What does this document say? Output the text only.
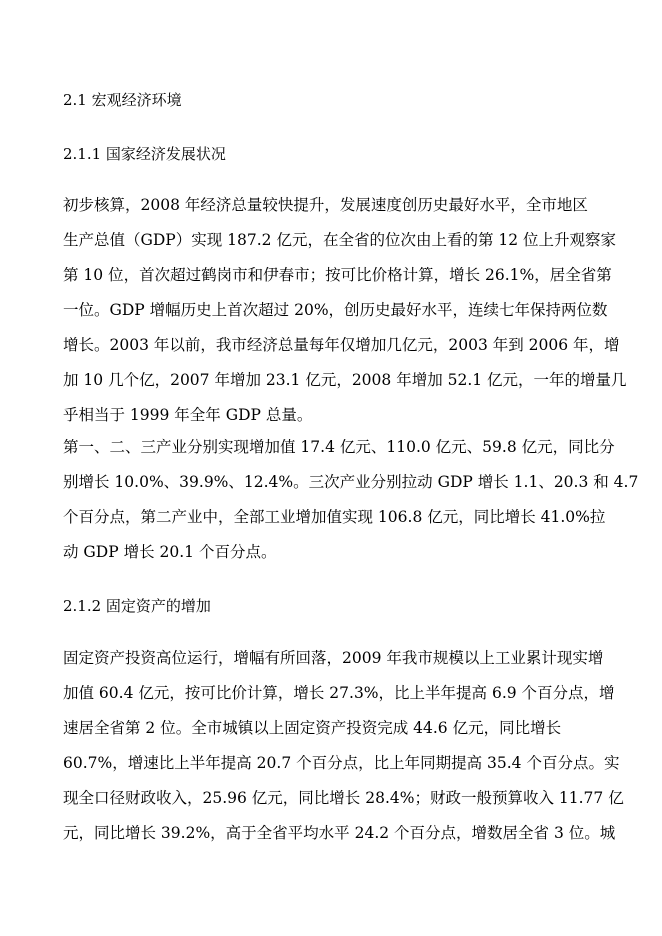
2.1 宏观经济环境
2.1.1 国家经济发展状况
初步核算，2008 年经济总量较快提升，发展速度创历史最好水平，全市地区
生产总值（GDP）实现 187.2 亿元，在全省的位次由上看的第 12 位上升观察家
第 10 位，首次超过鹤岗市和伊春市；按可比价格计算，增长 26.1%，居全省第
一位。GDP 增幅历史上首次超过 20%，创历史最好水平，连续七年保持两位数
增长。2003 年以前，我市经济总量每年仅增加几亿元，2003 年到 2006 年，增
加 10 几个亿，2007 年增加 23.1 亿元，2008 年增加 52.1 亿元，一年的增量几
乎相当于 1999 年全年 GDP 总量。
第一、二、三产业分别实现增加值 17.4 亿元、110.0 亿元、59.8 亿元，同比分
别增长 10.0%、39.9%、12.4%。三次产业分别拉动 GDP 增长 1.1、20.3 和 4.7
个百分点，第二产业中，全部工业增加值实现 106.8 亿元，同比增长 41.0%拉
动 GDP 增长 20.1 个百分点。
2.1.2 固定资产的增加
固定资产投资高位运行，增幅有所回落，2009 年我市规模以上工业累计现实增
加值 60.4 亿元，按可比价计算，增长 27.3%，比上半年提高 6.9 个百分点，增
速居全省第 2 位。全市城镇以上固定资产投资完成 44.6 亿元，同比增长
60.7%，增速比上半年提高 20.7 个百分点，比上年同期提高 35.4 个百分点。实
现全口径财政收入，25.96 亿元，同比增长 28.4%；财政一般预算收入 11.77 亿
元，同比增长 39.2%，高于全省平均水平 24.2 个百分点，增数居全省 3 位。城
